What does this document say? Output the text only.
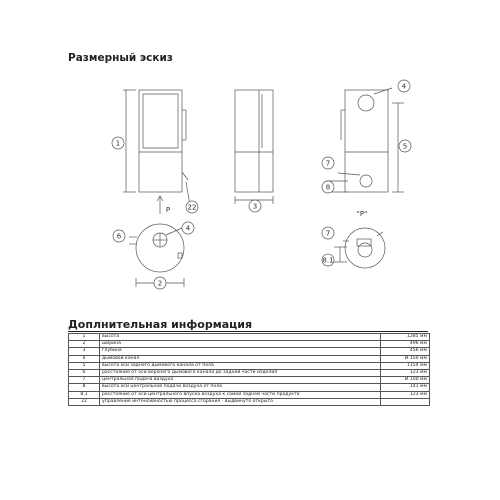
Размерный эскиз
1
22
4
5
7
8
3
6
4
2
7
8.1
P	"P"
Доплнительная информация
1	высота	1285 мм
2	ширина	496 мм
3	глубина	456 мм
4	дымовой канал	Ø 150 мм
5	высота оси заднего дымового канала от пола	1154 мм
6	расстояние от оси верхнего дымового канала до задней части изделия	123 мм
7	центральная подача воздуха	Ø 100 мм
8	высота оси центральной подачи воздуха от пола	141 мм
8.1	расстояние от оси центрального впуска воздуха к самой задней части продукта	123 мм
22	управление интенсивностью процесса сгорания - выдвинуто открыто	
